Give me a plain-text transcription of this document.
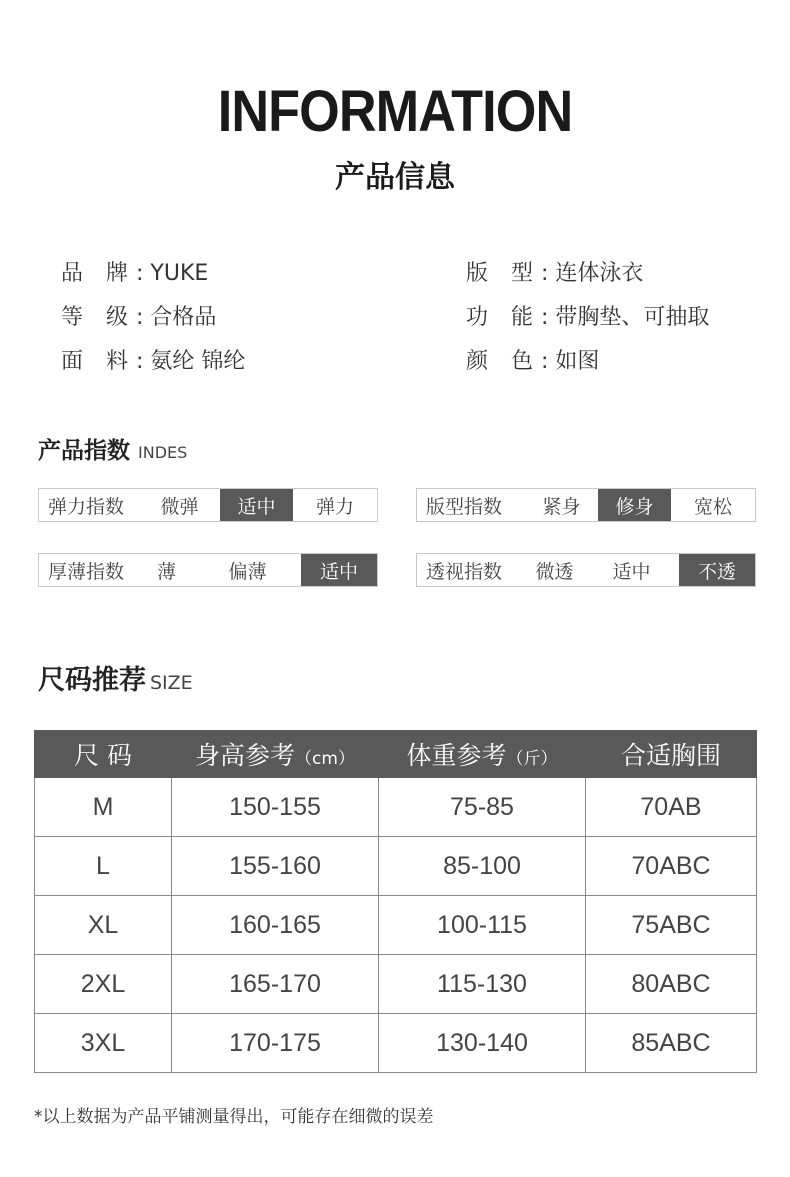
INFORMATION
产品信息
品 牌: YUKE
等 级: 合格品
面 料: 氨纶 锦纶
版 型: 连体泳衣
功 能: 带胸垫、可抽取
颜 色: 如图
产品指数 INDES
弹力指数	微弹	适中	弹力	版型指数	紧身	修身	宽松
厚薄指数	薄	偏薄	适中	透视指数	微透	适中	不透
尺码推荐 SIZE
尺 码	身高参考（cm）	体重参考（斤）	合适胸围
M	150-155	75-85	70AB
L	155-160	85-100	70ABC
XL	160-165	100-115	75ABC
2XL	165-170	115-130	80ABC
3XL	170-175	130-140	85ABC
*以上数据为产品平铺测量得出，可能存在细微的误差
